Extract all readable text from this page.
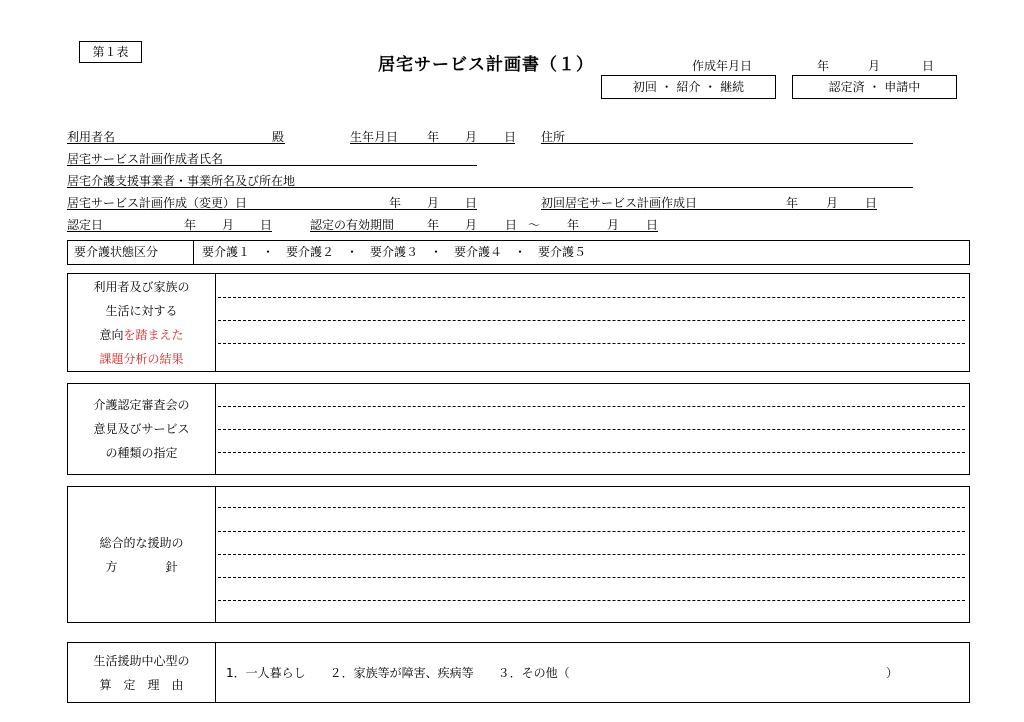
第１表
居宅サービス計画書（１）	作成年月日	年	月	日
初回 ・ 紹介 ・ 継続	認定済 ・ 申請中
利用者名	殿	生年月日 年 月 日 住所
居宅サービス計画作成者氏名
居宅介護支援事業者・事業所名及び所在地
居宅サービス計画作成（変更）日	年 月 日	初回居宅サービス計画作成日	年 月 日
認定日	年 月 日	認定の有効期間	年 月 日 ～ 年 月 日
要介護状態区分	要介護１　・　要介護２　・　要介護３　・　要介護４　・　要介護５
利用者及び家族の
生活に対する
意向を踏まえた
課題分析の結果
介護認定審査会の
意見及びサービス
の種類の指定
総合的な援助の
方　　　　針
生活援助中心型の
算　定　理　由
1．一人暮らし　　２．家族等が障害、疾病等　　３．その他（	）
